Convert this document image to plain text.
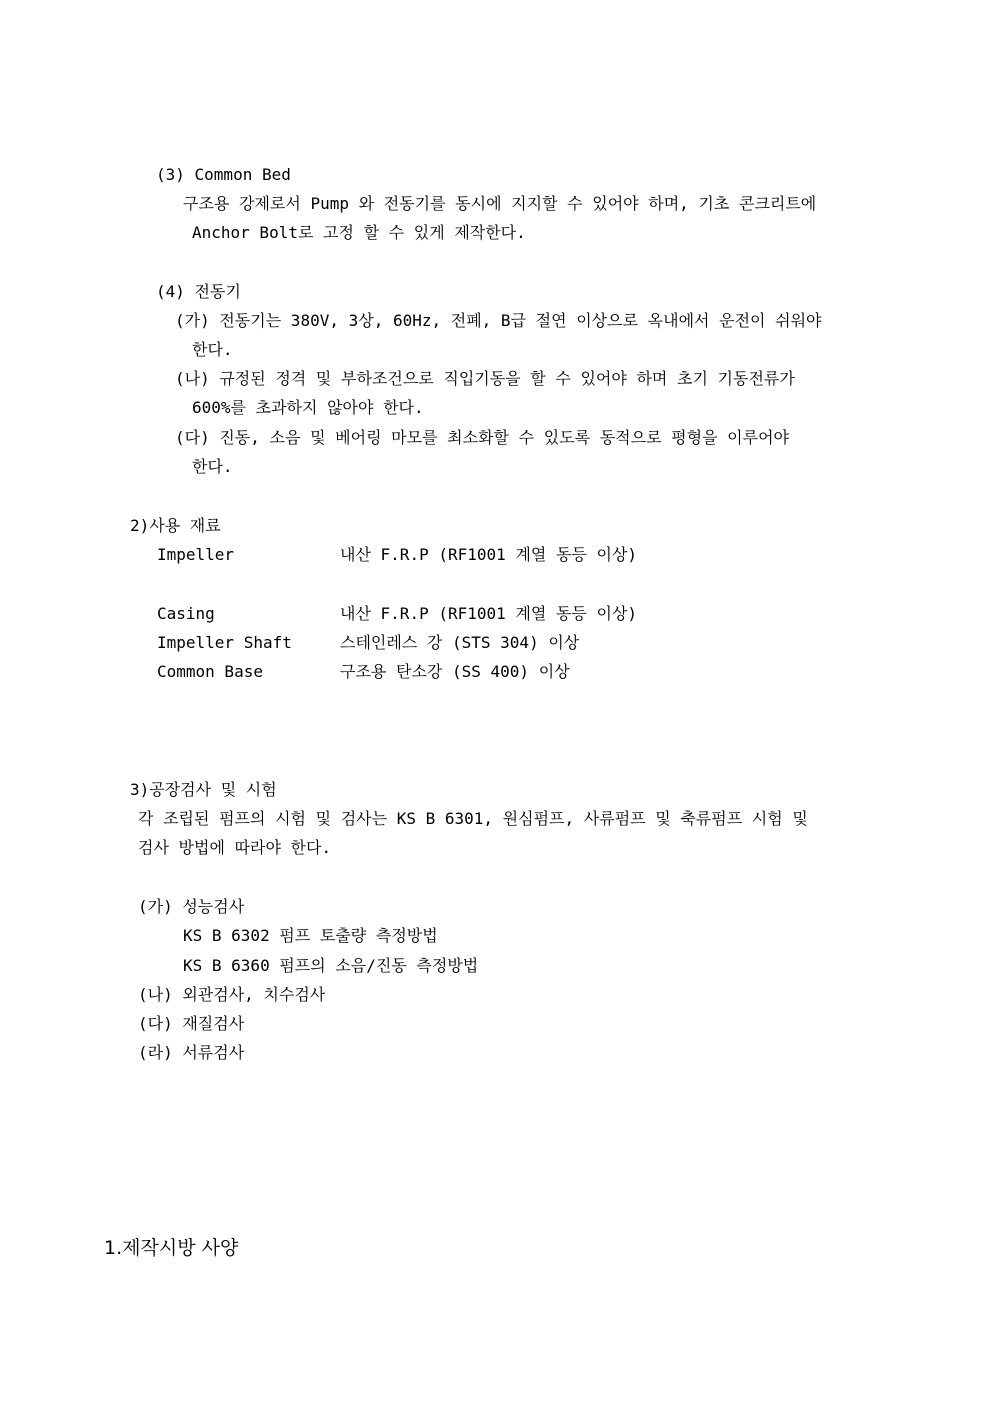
(3) Common Bed
구조용 강제로서 Pump 와 전동기를 동시에 지지할 수 있어야 하며, 기초 콘크리트에
Anchor Bolt로 고정 할 수 있게 제작한다.
(4) 전동기
(가) 전동기는 380V, 3상, 60Hz, 전폐, B급 절연 이상으로 옥내에서 운전이 쉬워야
한다.
(나) 규정된 정격 및 부하조건으로 직입기동을 할 수 있어야 하며 초기 기동전류가
600%를 초과하지 않아야 한다.
(다) 진동, 소음 및 베어링 마모를 최소화할 수 있도록 동적으로 평형을 이루어야
한다.
2)사용 재료
Impeller	내산 F.R.P (RF1001 계열 동등 이상)
Casing	내산 F.R.P (RF1001 계열 동등 이상)
Impeller Shaft	스테인레스 강 (STS 304) 이상
Common Base	구조용 탄소강 (SS 400) 이상
3)공장검사 및 시험
각 조립된 펌프의 시험 및 검사는 KS B 6301, 원심펌프, 사류펌프 및 축류펌프 시험 및
검사 방법에 따라야 한다.
(가) 성능검사
KS B 6302 펌프 토출량 측정방법
KS B 6360 펌프의 소음/진동 측정방법
(나) 외관검사, 치수검사
(다) 재질검사
(라) 서류검사
1.제작시방 사양
